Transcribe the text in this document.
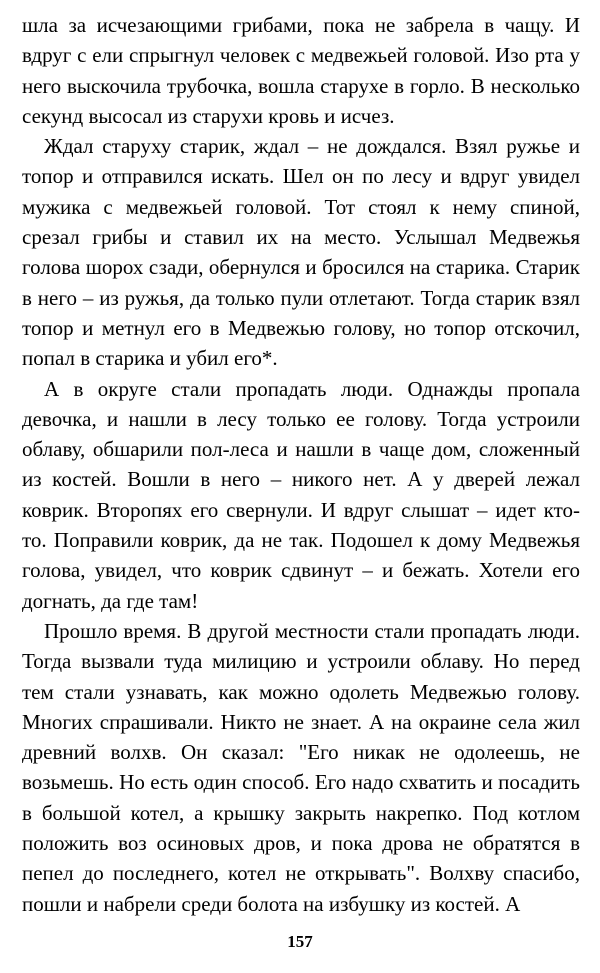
шла за исчезающими грибами, пока не забрела в чащу. И вдруг с ели спрыгнул человек с медвежьей головой. Изо рта у него выскочила трубочка, вошла старухе в горло. В несколько секунд высосал из старухи кровь и исчез.

Ждал старуху старик, ждал – не дождался. Взял ружье и топор и отправился искать. Шел он по лесу и вдруг увидел мужика с медвежьей головой. Тот стоял к нему спиной, срезал грибы и ставил их на место. Услышал Медвежья голова шорох сзади, обернулся и бросился на старика. Старик в него – из ружья, да только пули отлетают. Тогда старик взял топор и метнул его в Медвежью голову, но топор отскочил, попал в старика и убил его*.

А в округе стали пропадать люди. Однажды пропала девочка, и нашли в лесу только ее голову. Тогда устроили облаву, обшарили пол-леса и нашли в чаще дом, сложенный из костей. Вошли в него – никого нет. А у дверей лежал коврик. Второпях его свернули. И вдруг слышат – идет кто-то. Поправили коврик, да не так. Подошел к дому Медвежья голова, увидел, что коврик сдвинут – и бежать. Хотели его догнать, да где там!

Прошло время. В другой местности стали пропадать люди. Тогда вызвали туда милицию и устроили облаву. Но перед тем стали узнавать, как можно одолеть Медвежью голову. Многих спрашивали. Никто не знает. А на окраине села жил древний волхв. Он сказал: "Его никак не одолеешь, не возьмешь. Но есть один способ. Его надо схватить и посадить в большой котел, а крышку закрыть накрепко. Под котлом положить воз осиновых дров, и пока дрова не обратятся в пепел до последнего, котел не открывать". Волхву спасибо, пошли и набрели среди болота на избушку из костей. А

157
